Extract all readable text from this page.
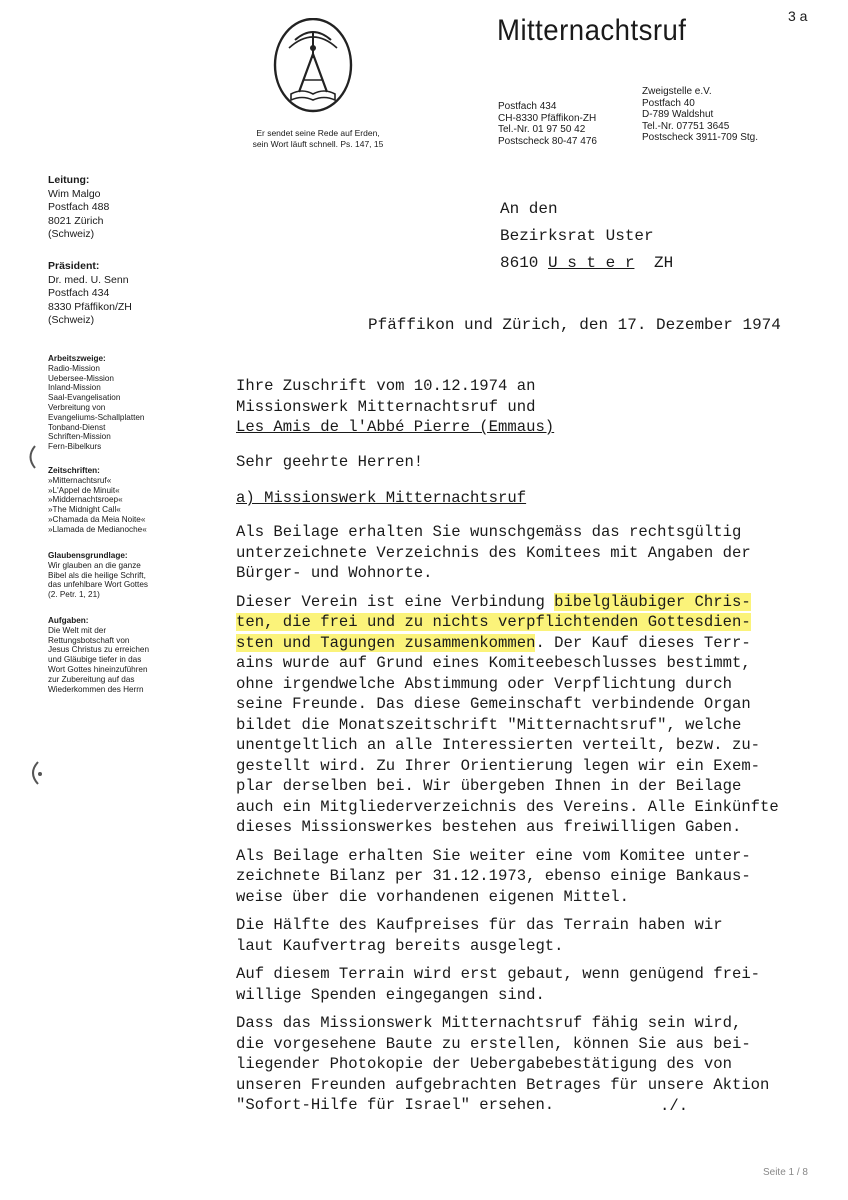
Er sendet seine Rede auf Erden,
sein Wort läuft schnell. Ps. 147, 15
Mitternachtsruf	3 a
Postfach 434
CH-8330 Pfäffikon-ZH
Tel.-Nr. 01 97 50 42
Postscheck 80-47 476
Zweigstelle e.V.
Postfach 40
D-789 Waldshut
Tel.-Nr. 07751 3645
Postscheck 3911-709 Stg.
Leitung:
Wim Malgo
Postfach 488
8021 Zürich
(Schweiz)
Präsident:
Dr. med. U. Senn
Postfach 434
8330 Pfäffikon/ZH
(Schweiz)
Arbeitszweige:
Radio-Mission
Uebersee-Mission
Inland-Mission
Saal-Evangelisation
Verbreitung von
Evangeliums-Schallplatten
Tonband-Dienst
Schriften-Mission
Fern-Bibelkurs
Zeitschriften:
»Mitternachtsruf«
»L'Appel de Minuit«
»Middernachtsroep«
»The Midnight Call«
»Chamada da Meia Noite«
»Llamada de Medianoche«
Glaubensgrundlage:
Wir glauben an die ganze
Bibel als die heilige Schrift,
das unfehlbare Wort Gottes
(2. Petr. 1, 21)
Aufgaben:
Die Welt mit der
Rettungsbotschaft von
Jesus Christus zu erreichen
und Gläubige tiefer in das
Wort Gottes hineinzuführen
zur Zubereitung auf das
Wiederkommen des Herrn
An den
Bezirksrat Uster
8610 U s t e r ZH
Pfäffikon und Zürich, den 17. Dezember 1974
Ihre Zuschrift vom 10.12.1974 an
Missionswerk Mitternachtsruf und
Les Amis de l'Abbé Pierre (Emmaus)
Sehr geehrte Herren!
a) Missionswerk Mitternachtsruf
Als Beilage erhalten Sie wunschgemäss das rechtsgültig
unterzeichnete Verzeichnis des Komitees mit Angaben der
Bürger- und Wohnorte.
Dieser Verein ist eine Verbindung bibelgläubiger Chris-
ten, die frei und zu nichts verpflichtenden Gottesdien-
sten und Tagungen zusammenkommen. Der Kauf dieses Terr-
ains wurde auf Grund eines Komiteebeschlusses bestimmt,
ohne irgendwelche Abstimmung oder Verpflichtung durch
seine Freunde. Das diese Gemeinschaft verbindende Organ
bildet die Monatszeitschrift "Mitternachtsruf", welche
unentgeltlich an alle Interessierten verteilt, bezw. zu-
gestellt wird. Zu Ihrer Orientierung legen wir ein Exem-
plar derselben bei. Wir übergeben Ihnen in der Beilage
auch ein Mitgliederverzeichnis des Vereins. Alle Einkünfte
dieses Missionswerkes bestehen aus freiwilligen Gaben.
Als Beilage erhalten Sie weiter eine vom Komitee unter-
zeichnete Bilanz per 31.12.1973, ebenso einige Bankaus-
weise über die vorhandenen eigenen Mittel.
Die Hälfte des Kaufpreises für das Terrain haben wir
laut Kaufvertrag bereits ausgelegt.
Auf diesem Terrain wird erst gebaut, wenn genügend frei-
willige Spenden eingegangen sind.
Dass das Missionswerk Mitternachtsruf fähig sein wird,
die vorgesehene Baute zu erstellen, können Sie aus bei-
liegender Photokopie der Uebergabebestätigung des von
unseren Freunden aufgebrachten Betrages für unsere Aktion
"Sofort-Hilfe für Israel" ersehen.	./.
Seite 1 / 8
